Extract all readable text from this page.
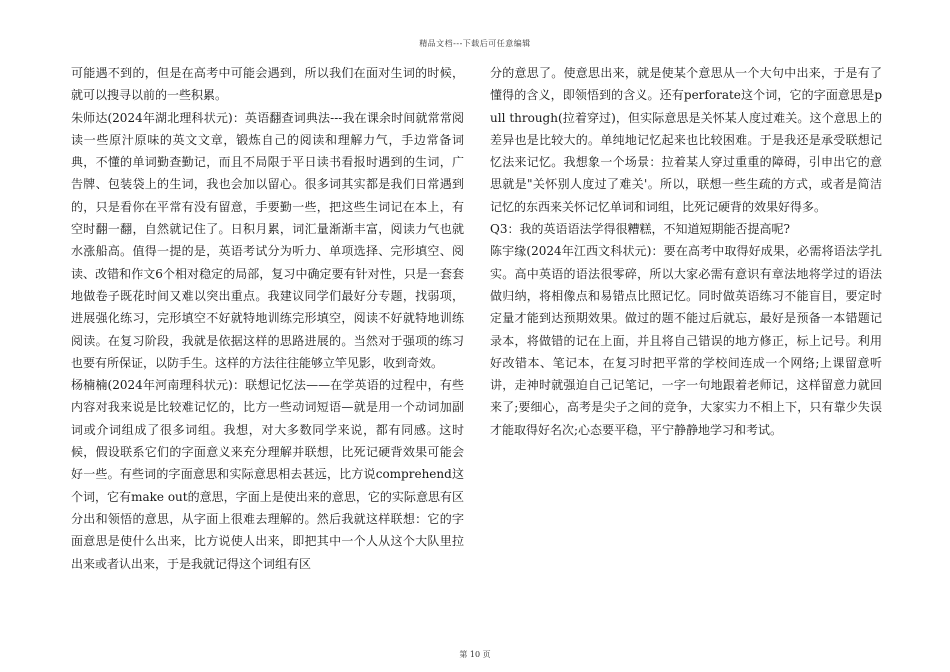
精品文档---下载后可任意编辑

可能遇不到的，但是在高考中可能会遇到，所以我们在面对生词的时候，就可以搜寻以前的一些积累。

朱师达(2024年湖北理科状元)：英语翻查词典法---我在课余时间就常常阅读一些原汁原味的英文文章，锻炼自己的阅读和理解力气，手边常备词典，不懂的单词勤查勤记，而且不局限于平日读书看报时遇到的生词，广告牌、包装袋上的生词，我也会加以留心。很多词其实都是我们日常遇到的，只是看你在平常有没有留意，手要勤一些，把这些生词记在本上，有空时翻一翻，自然就记住了。日积月累，词汇量渐渐丰富，阅读力气也就水涨船高。值得一提的是，英语考试分为听力、单项选择、完形填空、阅读、改错和作文6个相对稳定的局部，复习中确定要有针对性，只是一套套地做卷子既花时间又难以突出重点。我建议同学们最好分专题，找弱项，进展强化练习，完形填空不好就特地训练完形填空，阅读不好就特地训练阅读。在复习阶段，我就是依据这样的思路进展的。当然对于强项的练习也要有所保证，以防手生。这样的方法往往能够立竿见影，收到奇效。

杨楠楠(2024年河南理科状元)：联想记忆法——在学英语的过程中，有些内容对我来说是比较难记忆的，比方一些动词短语—就是用一个动词加副词或介词组成了很多词组。我想，对大多数同学来说，都有同感。这时候，假设联系它们的字面意义来充分理解并联想，比死记硬背效果可能会好一些。有些词的字面意思和实际意思相去甚远，比方说comprehend这个词，它有make out的意思，字面上是使出来的意思，它的实际意思有区分出和领悟的意思，从字面上很难去理解的。然后我就这样联想：它的字面意思是使什么出来，比方说使人出来，即把其中一个人从这个大队里拉出来或者认出来，于是我就记得这个词组有区

分的意思了。使意思出来，就是使某个意思从一个大句中出来，于是有了懂得的含义，即领悟到的含义。还有perforate这个词，它的字面意思是pull through(拉着穿过)，但实际意思是关怀某人度过难关。这个意思上的差异也是比较大的。单纯地记忆起来也比较困难。于是我还是承受联想记忆法来记忆。我想象一个场景：拉着某人穿过重重的障碍，引申出它的意思就是"关怀别人度过了难关'。所以，联想一些生疏的方式，或者是简洁记忆的东西来关怀记忆单词和词组，比死记硬背的效果好得多。

Q3：我的英语语法学得很糟糕，不知道短期能否提高呢?

陈宇缘(2024年江西文科状元)：要在高考中取得好成果，必需将语法学扎实。高中英语的语法很零碎，所以大家必需有意识有章法地将学过的语法做归纳，将相像点和易错点比照记忆。同时做英语练习不能盲目，要定时定量才能到达预期效果。做过的题不能过后就忘，最好是预备一本错题记录本，将做错的记在上面，并且将自己错误的地方修正，标上记号。利用好改错本、笔记本，在复习时把平常的学校间连成一个网络;上课留意听讲，走神时就强迫自己记笔记，一字一句地跟着老师记，这样留意力就回来了;要细心，高考是尖子之间的竞争，大家实力不相上下，只有靠少失误才能取得好名次;心态要平稳，平宁静静地学习和考试。

第 10 页
